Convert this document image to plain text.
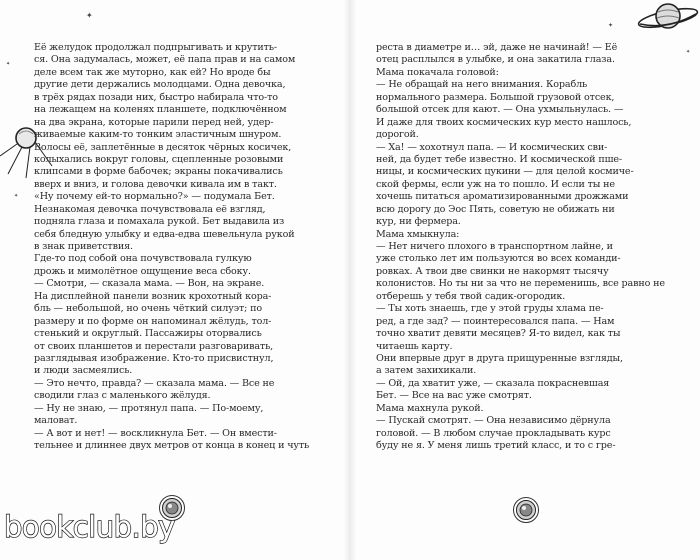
✦
✦
✦
✦
✦
Её желудок продолжал подпрыгивать и крутить-
ся. Она задумалась, может, её папа прав и на самом
деле всем так же муторно, как ей? Но вроде бы
другие дети держались молодцами. Одна девочка,
в трёх рядах позади них, быстро набирала что-то
на лежащем на коленях планшете, подключённом
на два экрана, которые парили перед ней, удер-
живаемые каким-то тонким эластичным шнуром.
Волосы её, заплетённые в десяток чёрных косичек,
колыхались вокруг головы, сцепленные розовыми
клипсами в форме бабочек; экраны покачивались
вверх и вниз, и голова девочки кивала им в такт.
«Ну почему ей-то нормально?» — подумала Бет.
Незнакомая девочка почувствовала её взгляд,
подняла глаза и помахала рукой. Бет выдавила из
себя бледную улыбку и едва-едва шевельнула рукой
в знак приветствия.
Где-то под собой она почувствовала гулкую
дрожь и мимолётное ощущение веса сбоку.
— Смотри, — сказала мама. — Вон, на экране.
На дисплейной панели возник крохотный кора-
бль — небольшой, но очень чёткий силуэт; по
размеру и по форме он напоминал жёлудь, тол-
стенький и округлый. Пассажиры оторвались
от своих планшетов и перестали разговаривать,
разглядывая изображение. Кто-то присвистнул,
и люди засмеялись.
— Это нечто, правда? — сказала мама. — Все не
сводили глаз с маленького жёлудя.
— Ну не знаю, — протянул папа. — По-моему,
маловат.
— А вот и нет! — воскликнула Бет. — Он вмести-
тельнее и длиннее двух метров от конца в конец и чуть
реста в диаметре и… эй, даже не начинай! — Её
отец расплылся в улыбке, и она закатила глаза.
Мама покачала головой:
— Не обращай на него внимания. Корабль
нормального размера. Большой грузовой отсек,
большой отсек для кают. — Она ухмыльнулась. —
И даже для твоих космических кур место нашлось,
дорогой.
— Ха! — хохотнул папа. — И космических сви-
ней, да будет тебе известно. И космической пше-
ницы, и космических цукини — для целой космиче-
ской фермы, если уж на то пошло. И если ты не
хочешь питаться ароматизированными дрожжами
всю дорогу до Эос Пять, советую не обижать ни
кур, ни фермера.
Мама хмыкнула:
— Нет ничего плохого в транспортном лайне, и
уже столько лет им пользуются во всех команди-
ровках. А твои две свинки не накормят тысячу
колонистов. Но ты ни за что не переменишь, все равно не
отберешь у тебя твой садик-огородик.
— Ты хоть знаешь, где у этой груды хлама пе-
ред, а где зад? — поинтересовался папа. — Нам
точно хватит девяти месяцев? Я-то видел, как ты
читаешь карту.
Они впервые друг в друга прищуренные взгляды,
а затем захихикали.
— Ой, да хватит уже, — сказала покрасневшая
Бет. — Все на вас уже смотрят.
Мама махнула рукой.
— Пускай смотрят. — Она независимо дёрнула
головой. — В любом случае прокладывать курс
буду не я. У меня лишь третий класс, и то с гре-
bookclub.by
